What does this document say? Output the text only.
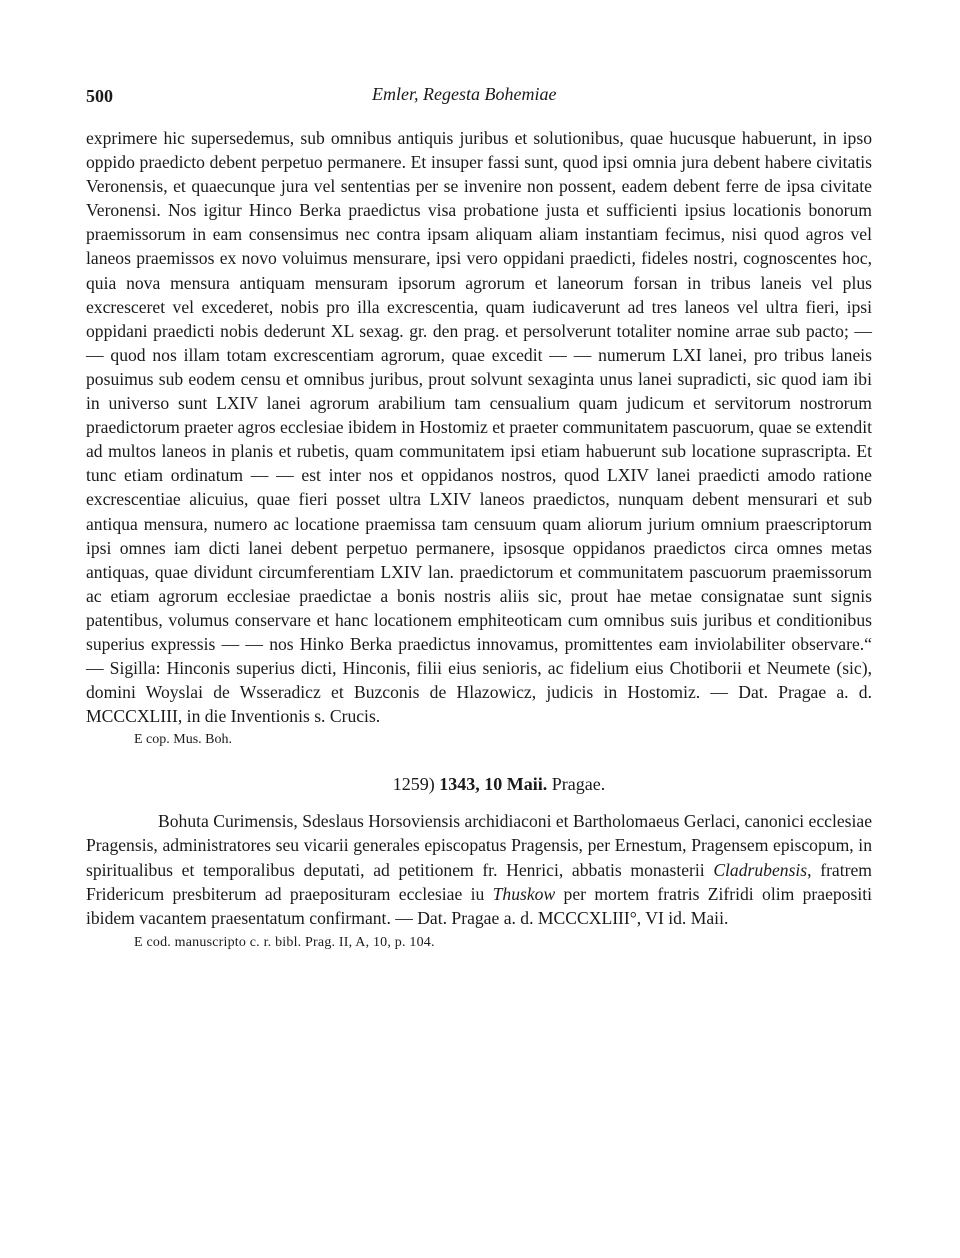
500	Emler, Regesta Bohemiae

exprimere hic supersedemus, sub omnibus antiquis juribus et solutionibus, quae hucusque habuerunt, in ipso oppido praedicto debent perpetuo permanere. Et insuper fassi sunt, quod ipsi omnia jura debent habere civitatis Veronensis, et quaecunque jura vel sententias per se invenire non possent, eadem debent ferre de ipsa civitate Veronensi. Nos igitur Hinco Berka praedictus visa probatione justa et sufficienti ipsius locationis bonorum praemissorum in eam consensimus nec contra ipsam aliquam aliam instantiam fecimus, nisi quod agros vel laneos praemissos ex novo voluimus mensurare, ipsi vero oppidani praedicti, fideles nostri, cognoscentes hoc, quia nova mensura antiquam mensuram ipsorum agrorum et laneorum forsan in tribus laneis vel plus excresceret vel excederet, nobis pro illa excrescentia, quam iudicaverunt ad tres laneos vel ultra fieri, ipsi oppidani praedicti nobis dederunt XL sexag. gr. den prag. et persolverunt totaliter nomine arrae sub pacto; — — quod nos illam totam excrescentiam agrorum, quae excedit — — numerum LXI lanei, pro tribus laneis posuimus sub eodem censu et omnibus juribus, prout solvunt sexaginta unus lanei supradicti, sic quod iam ibi in universo sunt LXIV lanei agrorum arabilium tam censualium quam judicum et servitorum nostrorum praedictorum praeter agros ecclesiae ibidem in Hostomiz et praeter communitatem pascuorum, quae se extendit ad multos laneos in planis et rubetis, quam communitatem ipsi etiam habuerunt sub locatione suprascripta. Et tunc etiam ordinatum — — est inter nos et oppidanos nostros, quod LXIV lanei praedicti amodo ratione excrescentiae alicuius, quae fieri posset ultra LXIV laneos praedictos, nunquam debent mensurari et sub antiqua mensura, numero ac locatione praemissa tam censuum quam aliorum jurium omnium praescriptorum ipsi omnes iam dicti lanei debent perpetuo permanere, ipsosque oppidanos praedictos circa omnes metas antiquas, quae dividunt circumferentiam LXIV lan. praedictorum et communitatem pascuorum praemissorum ac etiam agrorum ecclesiae praedictae a bonis nostris aliis sic, prout hae metae consignatae sunt signis patentibus, volumus conservare et hanc locationem emphiteoticam cum omnibus suis juribus et conditionibus superius expressis — — nos Hinko Berka praedictus innovamus, promittentes eam inviolabiliter observare.“ — Sigilla: Hinconis superius dicti, Hinconis, filii eius senioris, ac fidelium eius Chotiborii et Neumete (sic), domini Woyslai de Wsseradicz et Buzconis de Hlazowicz, judicis in Hostomiz. — Dat. Pragae a. d. MCCCXLIII, in die Inventionis s. Crucis.

E cop. Mus. Boh.
1259) 1343, 10 Maii. Pragae.

Bohuta Curimensis, Sdeslaus Horsoviensis archidiaconi et Bartholomaeus Gerlaci, canonici ecclesiae Pragensis, administratores seu vicarii generales episcopatus Pragensis, per Ernestum, Pragensem episcopum, in spiritualibus et temporalibus deputati, ad petitionem fr. Henrici, abbatis monasterii Cladrubensis, fratrem Fridericum presbiterum ad praeposituram ecclesiae iu Thuskow per mortem fratris Zifridi olim praepositi ibidem vacantem praesentatum confirmant. — Dat. Pragae a. d. MCCCXLIII°, VI id. Maii.

E cod. manuscripto c. r. bibl. Prag. II, A, 10, p. 104.
